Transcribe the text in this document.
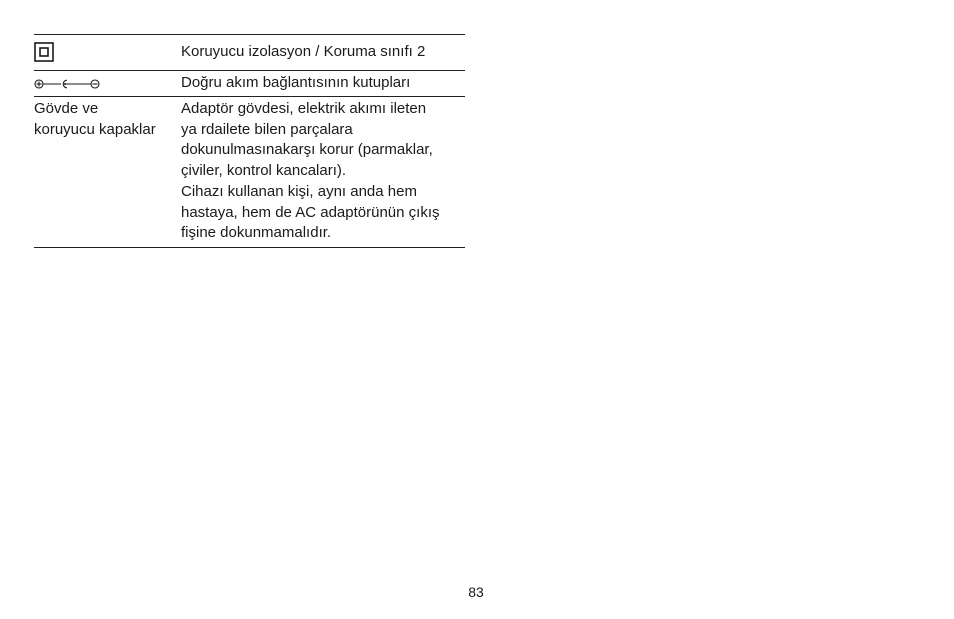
Koruyucu izolasyon / Koruma sınıfı 2
Doğru akım bağlantısının kutupları
Gövde ve
koruyucu kapaklar
Adaptör gövdesi, elektrik akımı ileten
ya rdailete bilen parçalara
dokunulmasınakarşı korur (parmaklar,
çiviler, kontrol kancaları).
Cihazı kullanan kişi, aynı anda hem
hastaya, hem de AC adaptörünün çıkış
fişine dokunmamalıdır.
83
